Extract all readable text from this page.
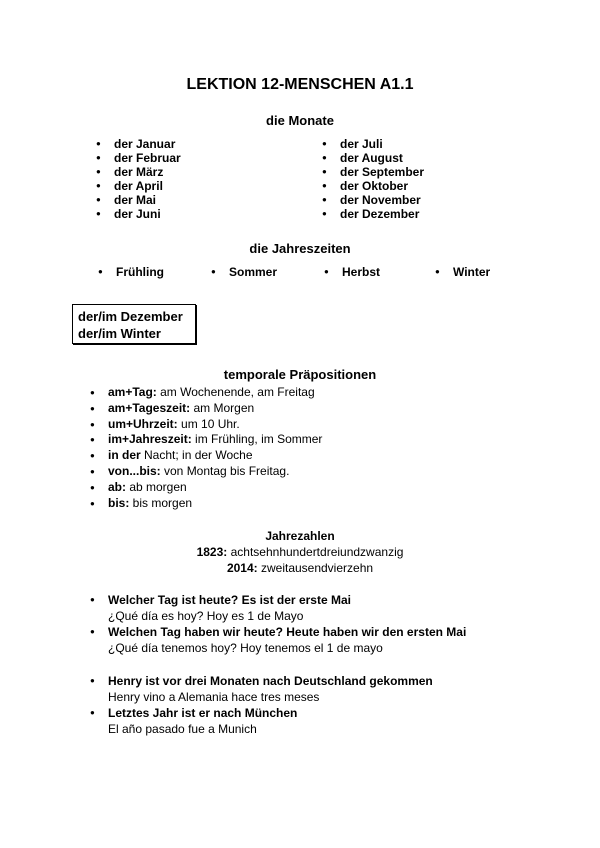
LEKTION 12-MENSCHEN A1.1
die Monate
● der Januar
● der Februar
● der März
● der April
● der Mai
● der Juni
● der Juli
● der August
● der September
● der Oktober
● der November
● der Dezember
die Jahreszeiten
● Frühling	● Sommer	● Herbst	● Winter
der/im Dezember
der/im Winter
temporale Präpositionen
● am+Tag: am Wochenende, am Freitag
● am+Tageszeit: am Morgen
● um+Uhrzeit: um 10 Uhr.
● im+Jahreszeit: im Frühling, im Sommer
● in der Nacht; in der Woche
● von...bis: von Montag bis Freitag.
● ab: ab morgen
● bis: bis morgen
Jahrezahlen
1823: achtsehnhundertdreiundzwanzig
2014: zweitausendvierzehn
● Welcher Tag ist heute? Es ist der erste Mai
¿Qué día es hoy? Hoy es 1 de Mayo
● Welchen Tag haben wir heute? Heute haben wir den ersten Mai
¿Qué día tenemos hoy? Hoy tenemos el 1 de mayo
● Henry ist vor drei Monaten nach Deutschland gekommen
Henry vino a Alemania hace tres meses
● Letztes Jahr ist er nach München
El año pasado fue a Munich
